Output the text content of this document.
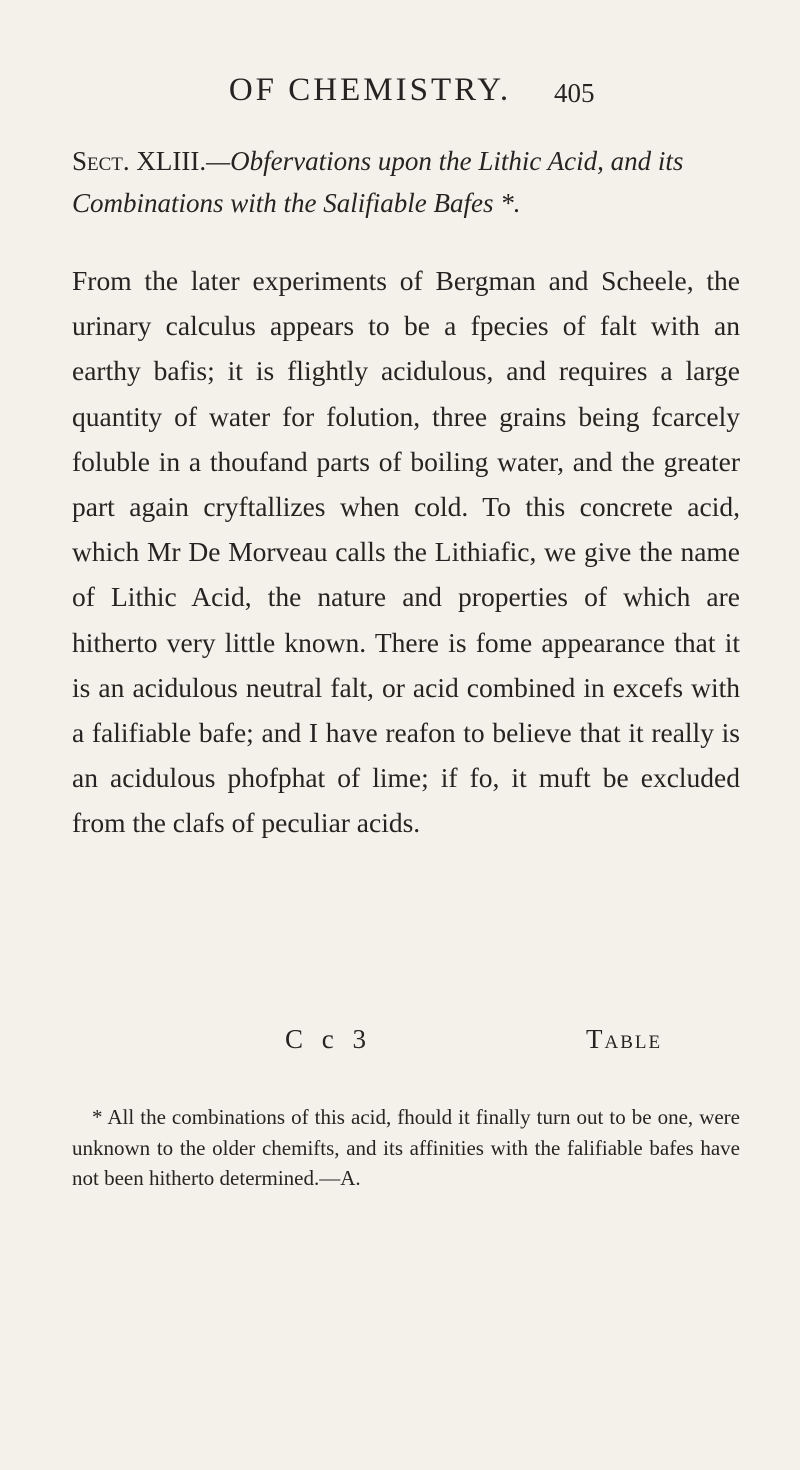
OF CHEMISTRY.	405
Sect. XLIII.—Obfervations upon the Lithic Acid, and its Combinations with the Salifiable Bafes *.

From the later experiments of Bergman and Scheele, the urinary calculus appears to be a fpecies of falt with an earthy bafis; it is flightly acidulous, and requires a large quantity of water for folution, three grains being fcarcely foluble in a thoufand parts of boiling water, and the greater part again cryftallizes when cold. To this concrete acid, which Mr De Morveau calls the Lithiafic, we give the name of Lithic Acid, the nature and properties of which are hitherto very little known. There is fome appearance that it is an acidulous neutral falt, or acid combined in excefs with a falifiable bafe; and I have reafon to believe that it really is an acidulous phofphat of lime; if fo, it muft be excluded from the clafs of peculiar acids.

C c 3	Table

* All the combinations of this acid, fhould it finally turn out to be one, were unknown to the older chemifts, and its affinities with the falifiable bafes have not been hitherto determined.—A.
